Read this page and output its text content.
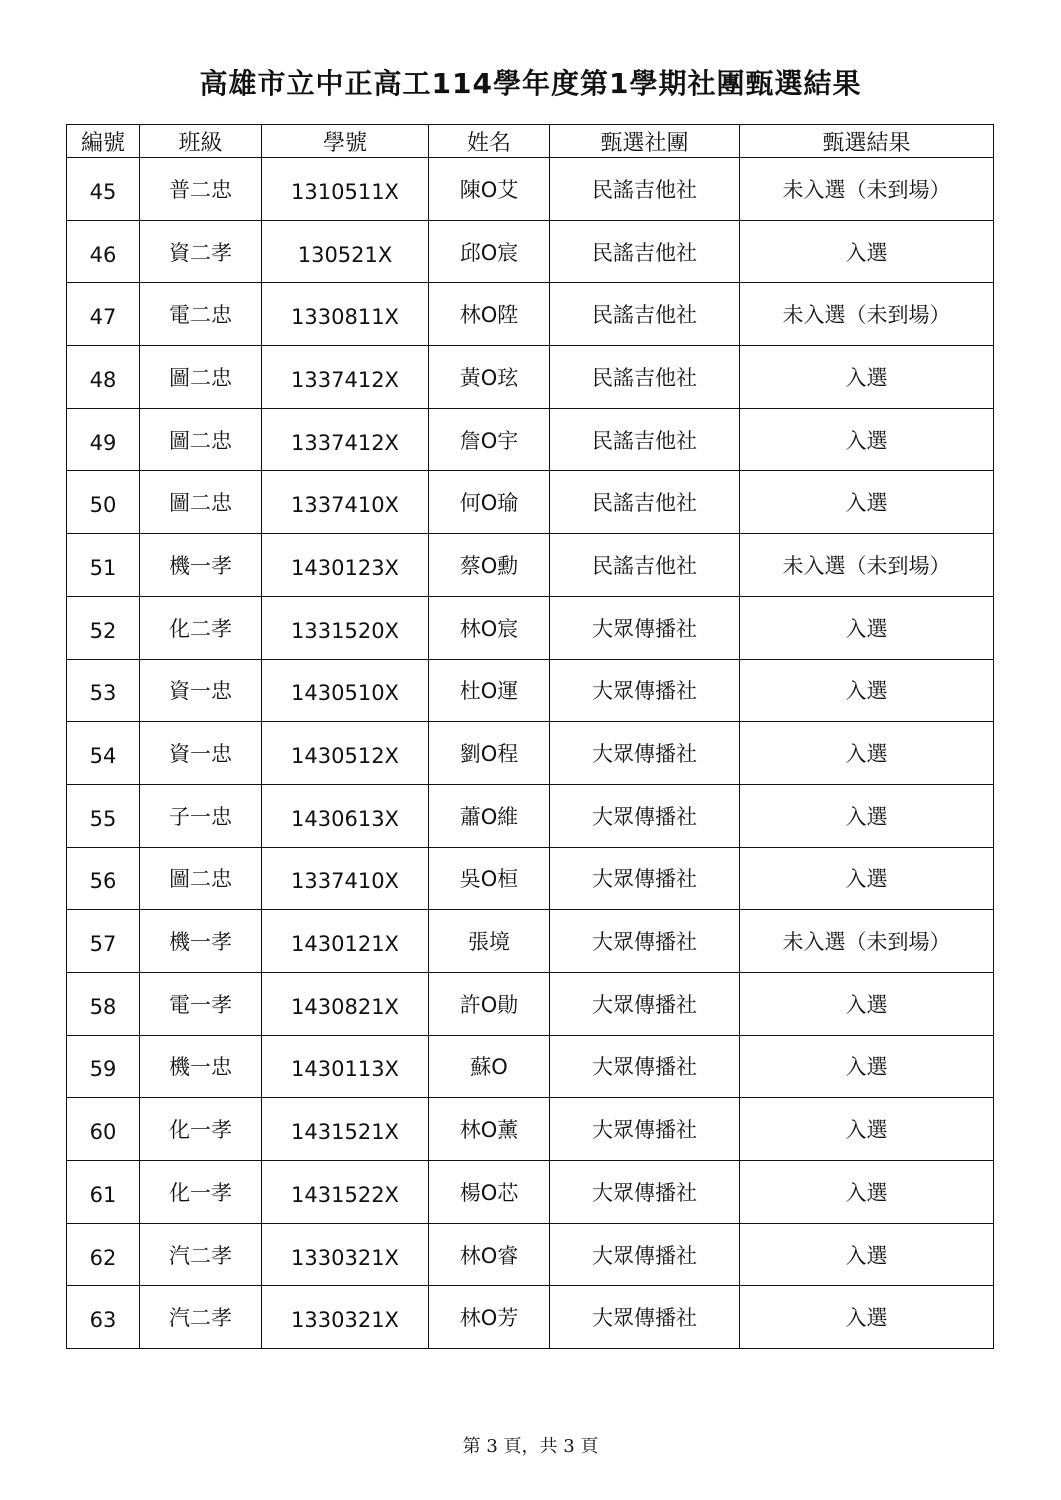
高雄市立中正高工114學年度第1學期社團甄選結果
編號	班級	學號	姓名	甄選社團	甄選結果
45	普二忠	1310511X	陳O艾	民謠吉他社	未入選（未到場）
46	資二孝	130521X	邱O宸	民謠吉他社	入選
47	電二忠	1330811X	林O陞	民謠吉他社	未入選（未到場）
48	圖二忠	1337412X	黃O玹	民謠吉他社	入選
49	圖二忠	1337412X	詹O宇	民謠吉他社	入選
50	圖二忠	1337410X	何O瑜	民謠吉他社	入選
51	機一孝	1430123X	蔡O勳	民謠吉他社	未入選（未到場）
52	化二孝	1331520X	林O宸	大眾傳播社	入選
53	資一忠	1430510X	杜O運	大眾傳播社	入選
54	資一忠	1430512X	劉O程	大眾傳播社	入選
55	子一忠	1430613X	蕭O維	大眾傳播社	入選
56	圖二忠	1337410X	吳O桓	大眾傳播社	入選
57	機一孝	1430121X	張境	大眾傳播社	未入選（未到場）
58	電一孝	1430821X	許O勛	大眾傳播社	入選
59	機一忠	1430113X	蘇O	大眾傳播社	入選
60	化一孝	1431521X	林O薰	大眾傳播社	入選
61	化一孝	1431522X	楊O芯	大眾傳播社	入選
62	汽二孝	1330321X	林O睿	大眾傳播社	入選
63	汽二孝	1330321X	林O芳	大眾傳播社	入選
第 3 頁，共 3 頁
